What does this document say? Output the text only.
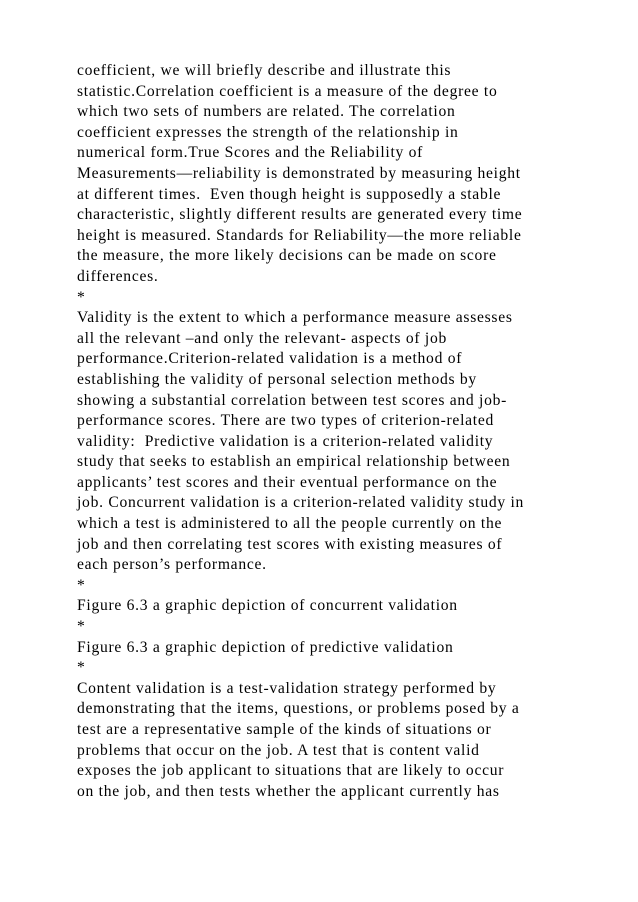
coefficient, we will briefly describe and illustrate this
statistic.Correlation coefficient is a measure of the degree to
which two sets of numbers are related. The correlation
coefficient expresses the strength of the relationship in
numerical form.True Scores and the Reliability of
Measurements—reliability is demonstrated by measuring height
at different times.  Even though height is supposedly a stable
characteristic, slightly different results are generated every time
height is measured. Standards for Reliability—the more reliable
the measure, the more likely decisions can be made on score
differences.
*
Validity is the extent to which a performance measure assesses
all the relevant –and only the relevant- aspects of job
performance.Criterion-related validation is a method of
establishing the validity of personal selection methods by
showing a substantial correlation between test scores and job-
performance scores. There are two types of criterion-related
validity:  Predictive validation is a criterion-related validity
study that seeks to establish an empirical relationship between
applicants’ test scores and their eventual performance on the
job. Concurrent validation is a criterion-related validity study in
which a test is administered to all the people currently on the
job and then correlating test scores with existing measures of
each person’s performance.
*
Figure 6.3 a graphic depiction of concurrent validation
*
Figure 6.3 a graphic depiction of predictive validation
*
Content validation is a test-validation strategy performed by
demonstrating that the items, questions, or problems posed by a
test are a representative sample of the kinds of situations or
problems that occur on the job. A test that is content valid
exposes the job applicant to situations that are likely to occur
on the job, and then tests whether the applicant currently has
